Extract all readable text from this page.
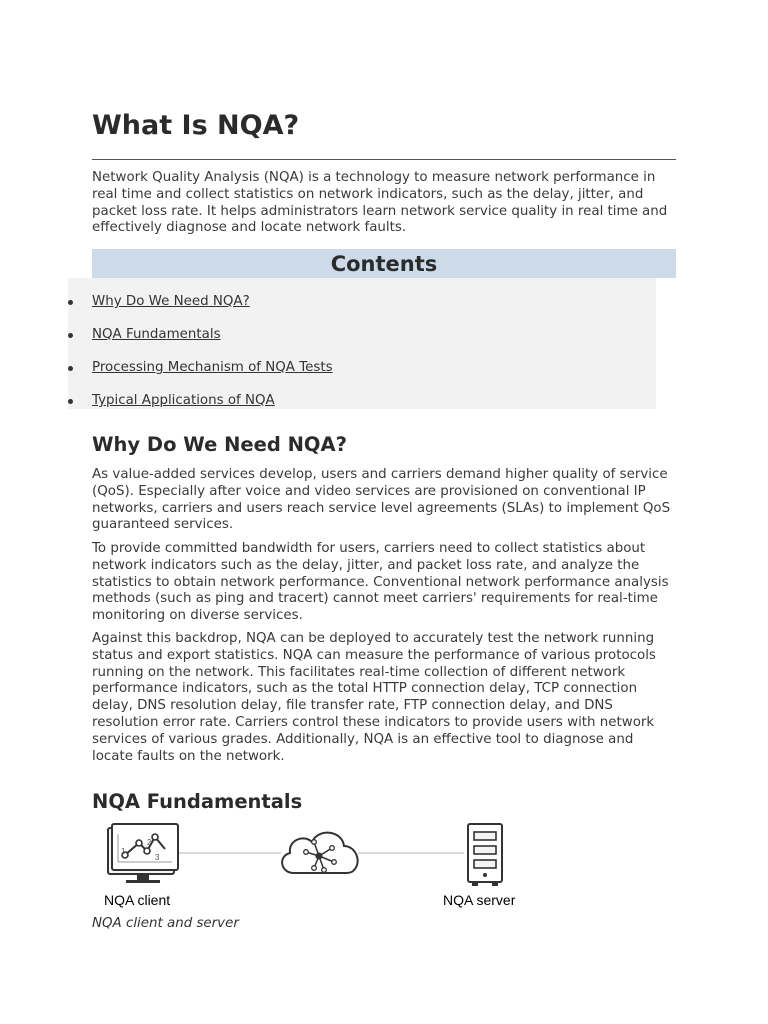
What Is NQA?

Network Quality Analysis (NQA) is a technology to measure network performance in real time and collect statistics on network indicators, such as the delay, jitter, and packet loss rate. It helps administrators learn network service quality in real time and effectively diagnose and locate network faults.

Contents
Why Do We Need NQA?
NQA Fundamentals
Processing Mechanism of NQA Tests
Typical Applications of NQA
Why Do We Need NQA?

As value-added services develop, users and carriers demand higher quality of service (QoS). Especially after voice and video services are provisioned on conventional IP networks, carriers and users reach service level agreements (SLAs) to implement QoS guaranteed services.

To provide committed bandwidth for users, carriers need to collect statistics about network indicators such as the delay, jitter, and packet loss rate, and analyze the statistics to obtain network performance. Conventional network performance analysis methods (such as ping and tracert) cannot meet carriers' requirements for real-time monitoring on diverse services.

Against this backdrop, NQA can be deployed to accurately test the network running status and export statistics. NQA can measure the performance of various protocols running on the network. This facilitates real-time collection of different network performance indicators, such as the total HTTP connection delay, TCP connection delay, DNS resolution delay, file transfer rate, FTP connection delay, and DNS resolution error rate. Carriers control these indicators to provide users with network services of various grades. Additionally, NQA is an effective tool to diagnose and locate faults on the network.

NQA Fundamentals
1
2
3
NQA client	NQA server

NQA client and server
